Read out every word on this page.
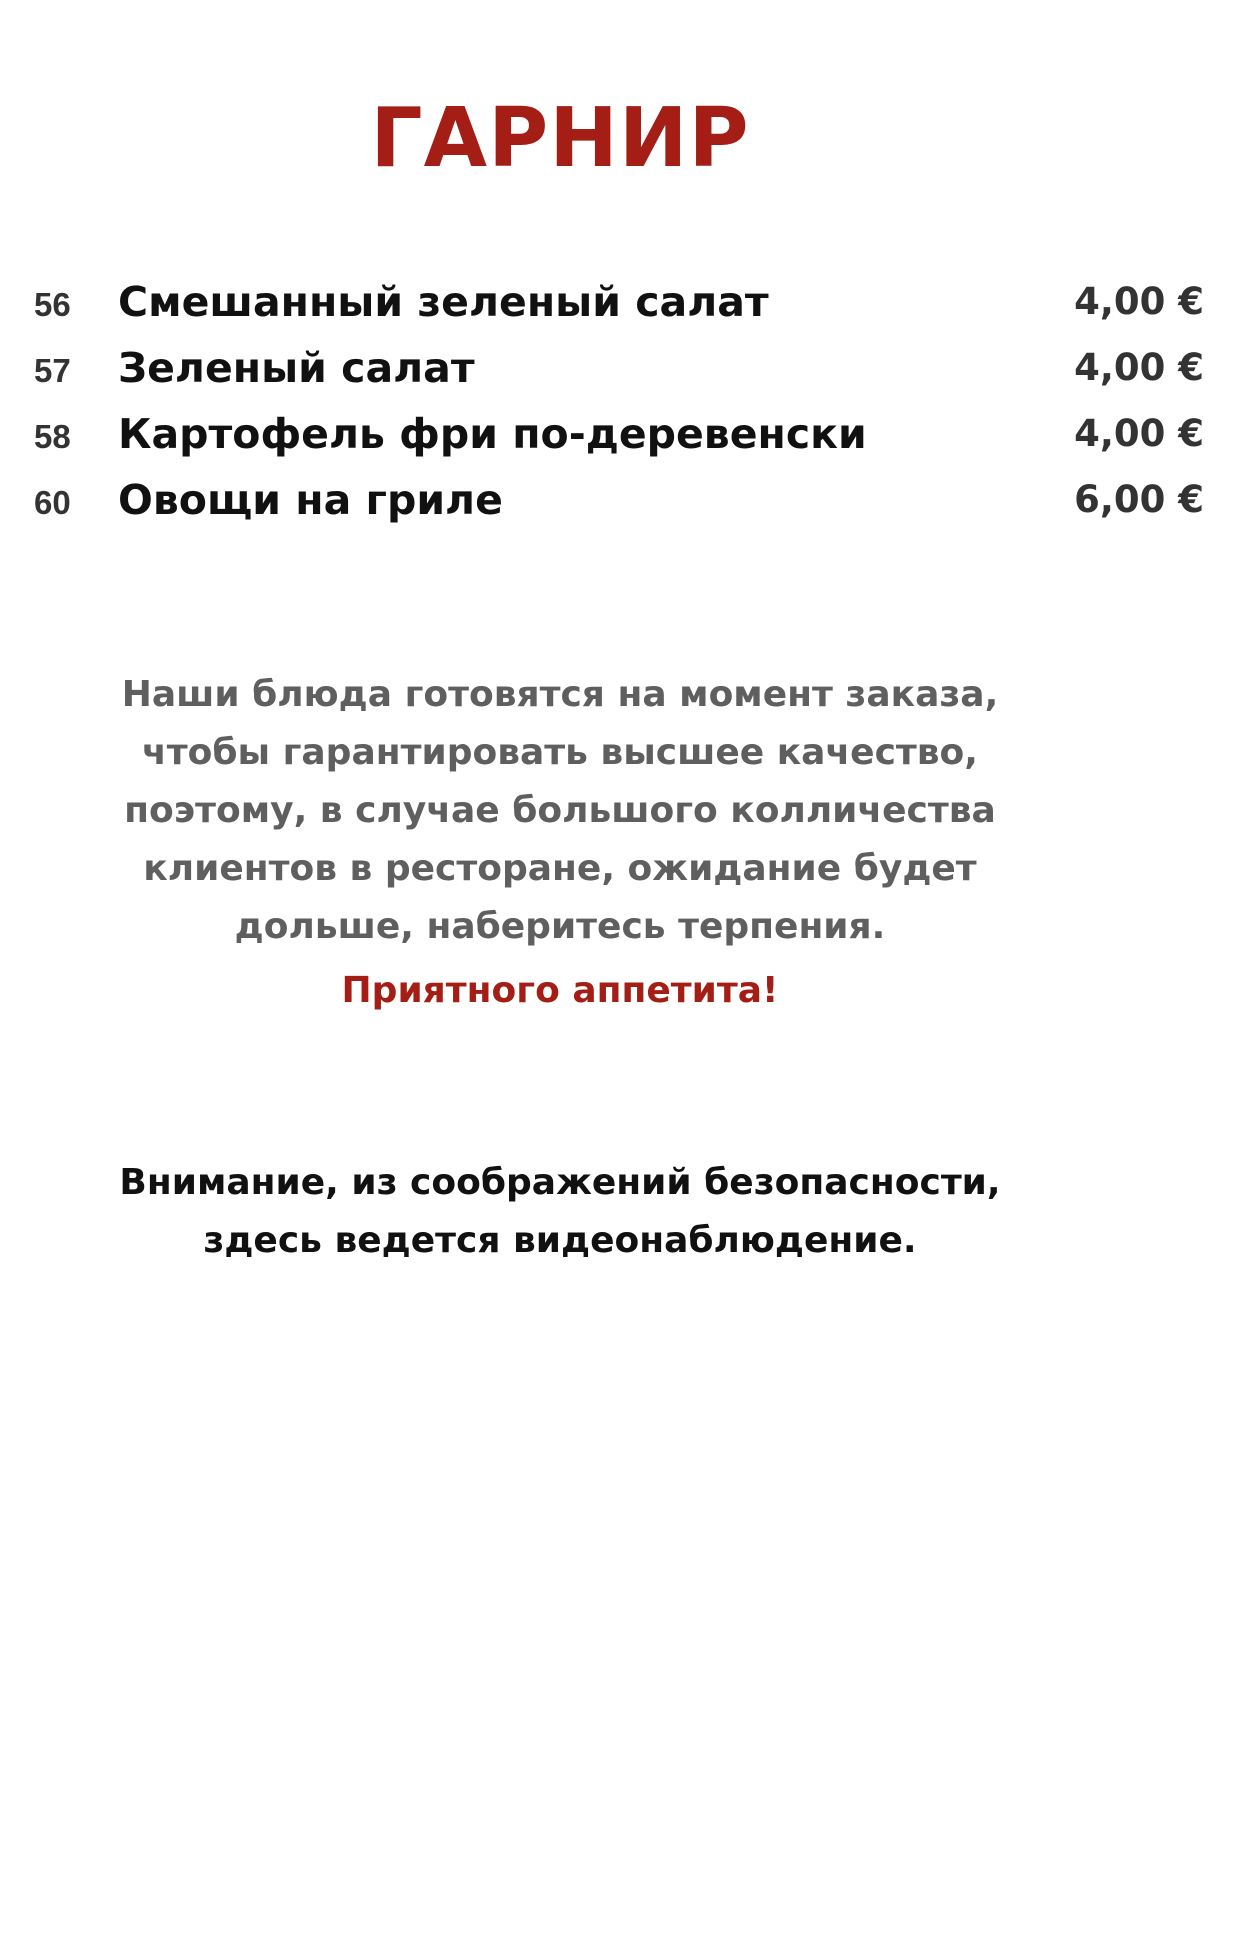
ГАРНИР
56 Смешанный зеленый салат	4,00 €
57 Зеленый салат	4,00 €
58 Картофель фри по-деревенски	4,00 €
60 Овощи на гриле	6,00 €
Наши блюда готовятся на момент заказа,
чтобы гарантировать высшее качество,
поэтому, в случае большого колличества
клиентов в ресторане, ожидание будет
дольше, наберитесь терпения.
Приятного аппетита!
Внимание, из соображений безопасности,
здесь ведется видеонаблюдение.
